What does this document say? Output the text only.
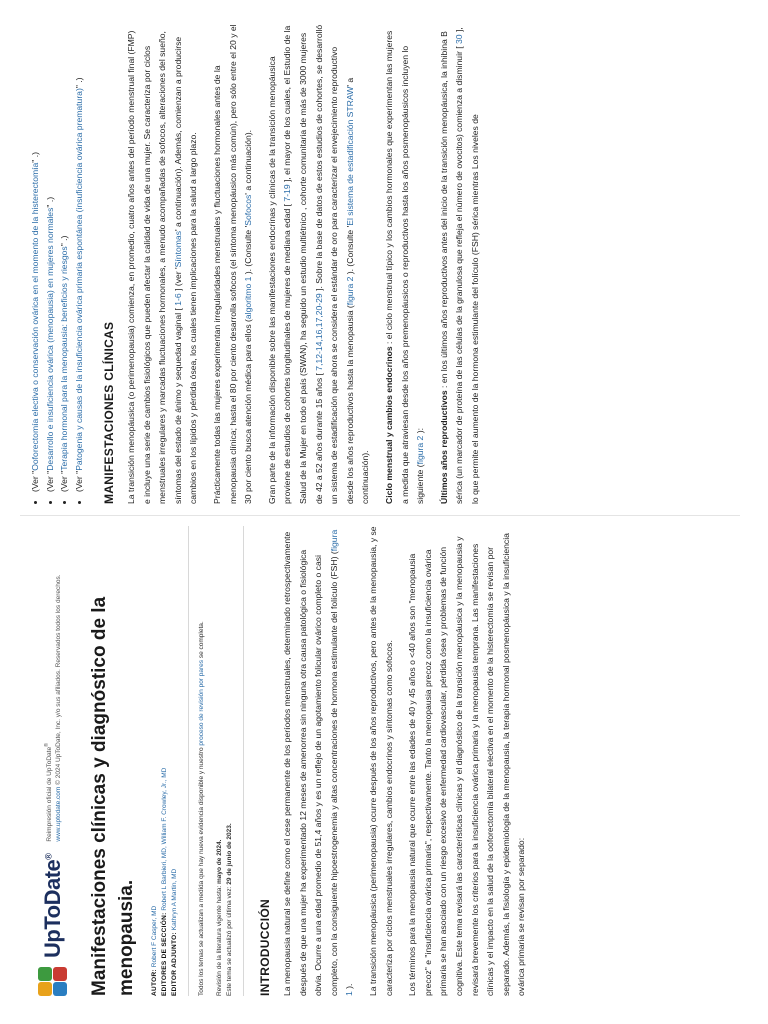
UpToDate®
Reimpresión oficial de UpToDate®
www.uptodate.com © 2024 UpToDate, Inc. y/o sus afiliados. Reservados todos los derechos. Manifestaciones clínicas y diagnóstico de la menopausia.	AUTOR: Robert F Casper, MD EDITORES DE SECCIÓN: Robert L Barbieri, MD, William F. Crowley, Jr., MD
EDITOR ADJUNTO: Kathryn A Martin, MD	Todos los temas se actualizan a medida que hay nueva evidencia disponible y nuestro proceso de revisión por pares se completa.
Revisión de la literatura vigente hasta: mayo de 2024.
Este tema se actualizó por última vez: 29 de junio de 2023.
INTRODUCCIÓN La menopausia natural se define como el cese permanente de los períodos menstruales, determinado retrospectivamente después de que una mujer ha experimentado 12 meses de amenorrea sin ninguna otra causa patológica o fisiológica obvia. Ocurre a una edad promedio de 51,4 años y es un reflejo de un agotamiento folicular ovárico completo o casi completo, con la consiguiente hipoestrogenemia y altas concentraciones de hormona estimulante del folículo (FSH) (figura 1 ).	La transición menopáusica (perimenopausia) ocurre después de los años reproductivos, pero antes de la menopausia, y se caracteriza por ciclos menstruales irregulares, cambios endocrinos y síntomas como sofocos.	Los términos para la menopausia natural que ocurre entre las edades de 40 y 45 años o <40 años son "menopausia precoz" e "insuficiencia ovárica primaria", respectivamente. Tanto la menopausia precoz como la insuficiencia ovárica primaria se han asociado con un riesgo excesivo de enfermedad cardiovascular, pérdida ósea y problemas de función cognitiva. Este tema revisará las características clínicas y el diagnóstico de la transición menopáusica y la menopausia y revisará brevemente los criterios para la insuficiencia ovárica primaria y la menopausia temprana. Las manifestaciones clínicas y el impacto en la salud de la ooforectomía bilateral electiva en el momento de la histerectomía se revisan por separado. Además, la fisiología y epidemiología de la menopausia, la terapia hormonal posmenopáusica y la insuficiencia ovárica primaria se revisan por separado:

• (Ver "Ooforectomía electiva o conservación ovárica en el momento de la histerectomía" .)
• (Ver "Desarrollo e insuficiencia ovárica (menopausia) en mujeres normales" .)
• (Ver "Terapia hormonal para la menopausia: beneficios y riesgos" .)
• (Ver "Patogenia y causas de la insuficiencia ovárica primaria espontánea (insuficiencia ovárica prematura)" .)
MANIFESTACIONES CLÍNICAS La transición menopáusica (o perimenopausia) comienza, en promedio, cuatro años antes del período menstrual final (FMP) e incluye una serie de cambios fisiológicos que pueden afectar la calidad de vida de una mujer. Se caracteriza por ciclos menstruales irregulares y marcadas fluctuaciones hormonales, a menudo acompañadas de sofocos, alteraciones del sueño, síntomas del estado de ánimo y sequedad vaginal [ 1-6 ] (ver 'Síntomas' a continuación). Además, comienzan a producirse cambios en los lípidos y pérdida ósea, los cuales tienen implicaciones para la salud a largo plazo.	Prácticamente todas las mujeres experimentan irregularidades menstruales y fluctuaciones hormonales antes de la menopausia clínica; hasta el 80 por ciento desarrolla sofocos (el síntoma menopáusico más común), pero sólo entre el 20 y el 30 por ciento busca atención médica para ellos (algoritmo 1 ). (Consulte 'Sofocos' a continuación).	Gran parte de la información disponible sobre las manifestaciones endocrinas y clínicas de la transición menopáusica proviene de estudios de cohortes longitudinales de mujeres de mediana edad [ 7-19 ], el mayor de los cuales, el Estudio de la Salud de la Mujer en todo el país (SWAN), ha seguido un estudio multiétnico , cohorte comunitaria de más de 3000 mujeres de 42 a 52 años durante 15 años [ 7,12-14,16,17,20-29 ]. Sobre la base de datos de estos estudios de cohortes, se desarrolló un sistema de estadificación que ahora se considera el estándar de oro para caracterizar el envejecimiento reproductivo desde los años reproductivos hasta la menopausia (figura 2 ). (Consulte 'El sistema de estadificación STRAW' a continuación).	Ciclo menstrual y cambios endocrinos : el ciclo menstrual típico y los cambios hormonales que experimentan las mujeres a medida que atraviesan desde los años premenopáusicos o reproductivos hasta los años posmenopáusicos incluyen lo siguiente (figura 2 ):	Últimos años reproductivos : en los últimos años reproductivos antes del inicio de la transición menopáusica, la inhibina B sérica (un marcador de proteína de las células de la granulosa que refleja el número de ovocitos) comienza a disminuir [ 30 ], lo que permite el aumento de la hormona estimulante del folículo (FSH) sérica mientras Los niveles de
